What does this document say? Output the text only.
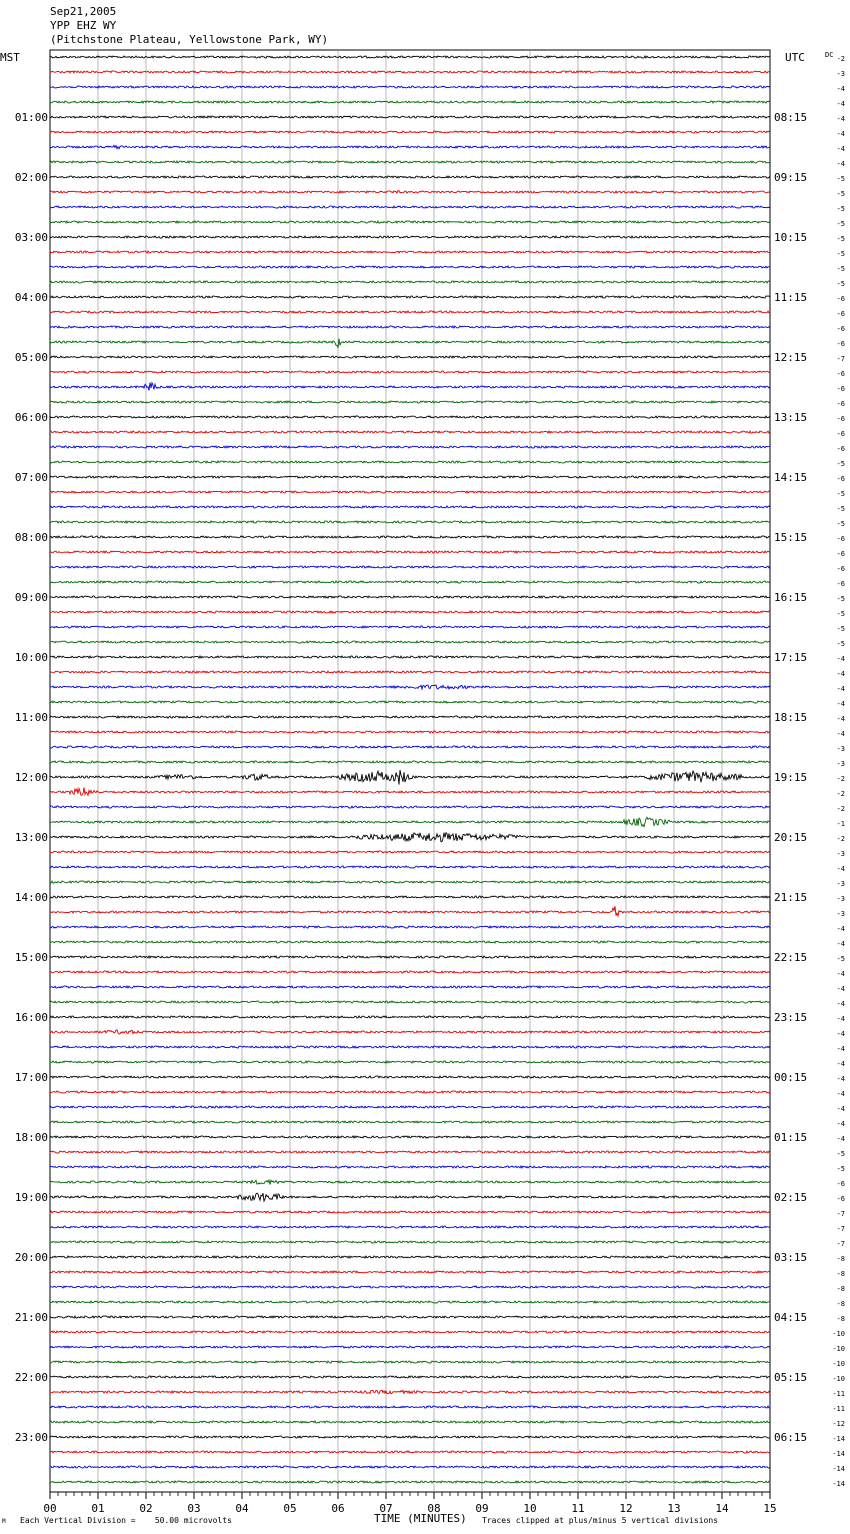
Sep21,2005
YPP EHZ WY
(Pitchstone Plateau, Yellowstone Park, WY)
00	01	02	03	04	05	06	07	08	09	10	11	12	13	14	15
-2
-3
-4
-4
-4
-4
-4
-4
-5
-5
-5
-5
-5
-5
-5
-5
-6
-6
-6
-6
-7
-6
-6
-6
-6
-6
-6
-5
-6
-5
-5
-5
-6
-6
-6
-6
-5
-5
-5
-5
-4
-4
-4
-4
-4
-4
-3
-3
-2
-2
-2
-1
-2
-3
-4
-3
-3
-3
-4
-4
-5
-4
-4
-4
-4
-4
-4
-4
-4
-4
-4
-4
-4
-5
-5
-6
-6
-7
-7
-7
-8
-8
-8
-8
-8
-10
-10
-10
-10
-11
-11
-12
-14
-14
-14
-14
01:00	08:15
02:00	09:15
03:00	10:15
04:00	11:15
05:00	12:15
06:00	13:15
07:00	14:15
08:00	15:15
09:00	16:15
10:00	17:15
11:00	18:15
12:00	19:15
13:00	20:15
14:00	21:15
15:00	22:15
16:00	23:15
17:00	00:15
18:00	01:15
19:00	02:15
20:00	03:15
21:00	04:15
22:00	05:15
23:00	06:15
MST	UTC	DC
TIME (MINUTES)
M Each Vertical Division =    50.00 microvolts	Traces clipped at plus/minus 5 vertical divisions
